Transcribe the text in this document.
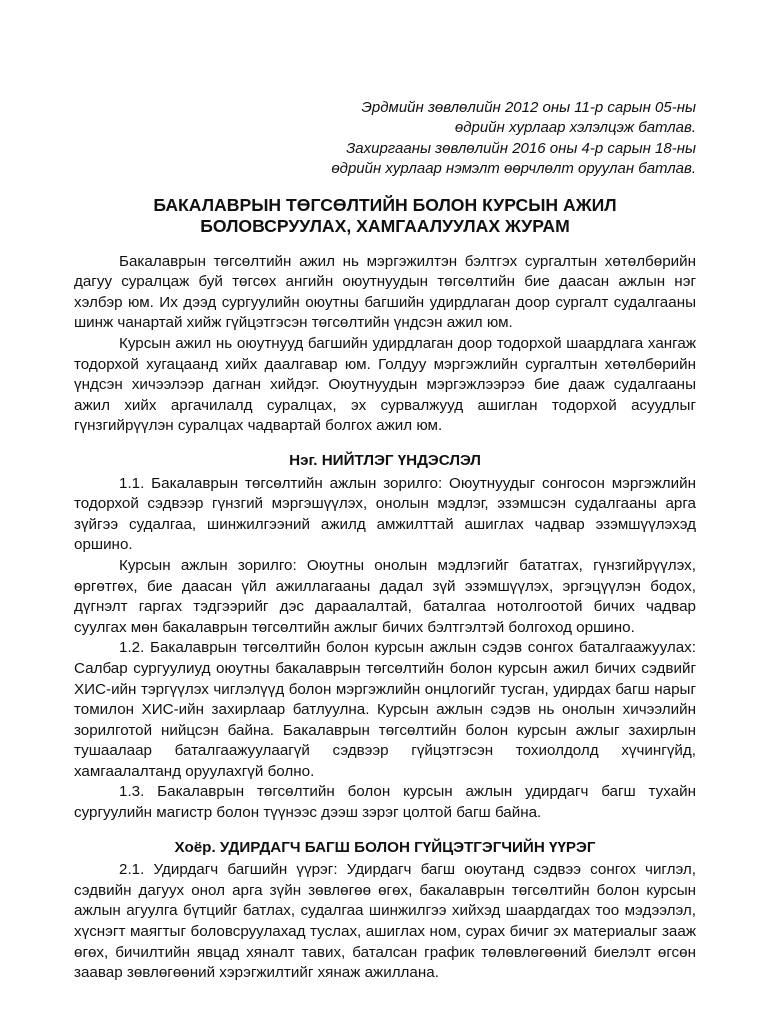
Эрдмийн зөвлөлийн 2012 оны 11-р сарын 05-ны
өдрийн хурлаар хэлэлцэж батлав.
Захиргааны зөвлөлийн 2016 оны 4-р сарын 18-ны
өдрийн хурлаар нэмэлт өөрчлөлт оруулан батлав.
БАКАЛАВРЫН ТӨГСӨЛТИЙН БОЛОН КУРСЫН АЖИЛ
БОЛОВСРУУЛАХ, ХАМГААЛУУЛАХ ЖУРАМ

Бакалаврын төгсөлтийн ажил нь мэргэжилтэн бэлтгэх сургалтын хөтөлбөрийн дагуу суралцаж буй төгсөх ангийн оюутнуудын төгсөлтийн бие даасан ажлын нэг хэлбэр юм. Их дээд сургуулийн оюутны багшийн удирдлаган доор сургалт судалгааны шинж чанартай хийж гүйцэтгэсэн төгсөлтийн үндсэн ажил юм.

Курсын ажил нь оюутнууд багшийн удирдлаган доор тодорхой шаардлага хангаж тодорхой хугацаанд хийх даалгавар юм. Голдуу мэргэжлийн сургалтын хөтөлбөрийн үндсэн хичээлээр дагнан хийдэг. Оюутнуудын мэргэжлээрээ бие дааж судалгааны ажил хийх аргачилалд суралцах, эх сурвалжууд ашиглан тодорхой асуудлыг гүнзгийрүүлэн суралцах чадвартай болгох ажил юм.

Нэг. НИЙТЛЭГ ҮНДЭСЛЭЛ

1.1. Бакалаврын төгсөлтийн ажлын зорилго: Оюутнуудыг сонгосон мэргэжлийн тодорхой сэдвээр гүнзгий мэргэшүүлэх, онолын мэдлэг, эзэмшсэн судалгааны арга зүйгээ судалгаа, шинжилгээний ажилд амжилттай ашиглах чадвар эзэмшүүлэхэд оршино.

Курсын ажлын зорилго: Оюутны онолын мэдлэгийг бататгах, гүнзгийрүүлэх, өргөтгөх, бие даасан үйл ажиллагааны дадал зүй эзэмшүүлэх, эргэцүүлэн бодох, дүгнэлт гаргах тэдгээрийг дэс дараалалтай, баталгаа нотолгоотой бичих чадвар суулгах мөн бакалаврын төгсөлтийн ажлыг бичих бэлтгэлтэй болгоход оршино.

1.2. Бакалаврын төгсөлтийн болон курсын ажлын сэдэв сонгох баталгаажуулах: Салбар сургуулиуд оюутны бакалаврын төгсөлтийн болон курсын ажил бичих сэдвийг ХИС-ийн тэргүүлэх чиглэлүүд болон мэргэжлийн онцлогийг тусган, удирдах багш нарыг томилон ХИС-ийн захирлаар батлуулна. Курсын ажлын сэдэв нь онолын хичээлийн зорилготой нийцсэн байна. Бакалаврын төгсөлтийн болон курсын ажлыг захирлын тушаалаар баталгаажуулаагүй сэдвээр гүйцэтгэсэн тохиолдолд хүчингүйд, хамгаалалтанд оруулахгүй болно.

1.3. Бакалаврын төгсөлтийн болон курсын ажлын удирдагч багш тухайн сургуулийн магистр болон түүнээс дээш зэрэг цолтой багш байна.

Хоёр. УДИРДАГЧ БАГШ БОЛОН ГҮЙЦЭТГЭГЧИЙН ҮҮРЭГ

2.1. Удирдагч багшийн үүрэг: Удирдагч багш оюутанд сэдвээ сонгох чиглэл, сэдвийн дагуух онол арга зүйн зөвлөгөө өгөх, бакалаврын төгсөлтийн болон курсын ажлын агуулга бүтцийг батлах, судалгаа шинжилгээ хийхэд шаардагдах тоо мэдээлэл, хүснэгт маягтыг боловсруулахад туслах, ашиглах ном, сурах бичиг эх материалыг зааж өгөх, бичилтийн явцад хяналт тавих, баталсан график төлөвлөгөөний биелэлт өгсөн заавар зөвлөгөөний хэрэгжилтийг хянаж ажиллана.
